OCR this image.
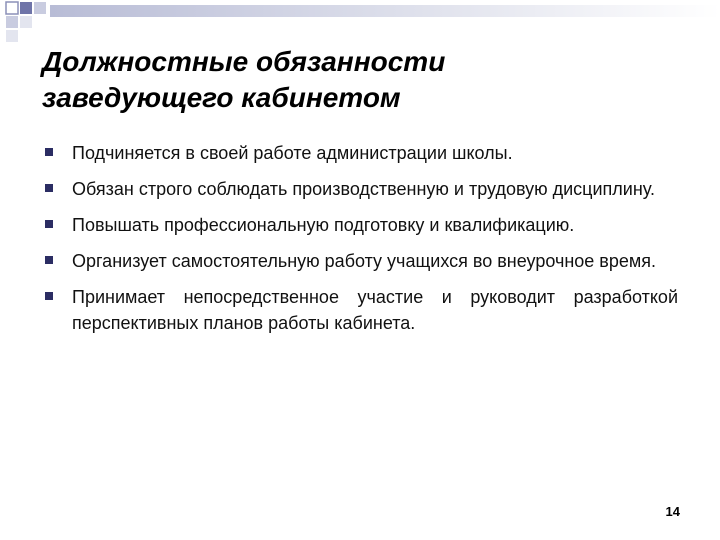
Должностные обязанности
заведующего кабинетом
Подчиняется в своей работе администрации школы.
Обязан строго соблюдать производственную и трудовую дисциплину.
Повышать профессиональную подготовку и квалификацию.
Организует самостоятельную работу учащихся во внеурочное время.
Принимает непосредственное участие и руководит разработкой перспективных планов работы кабинета.
14
